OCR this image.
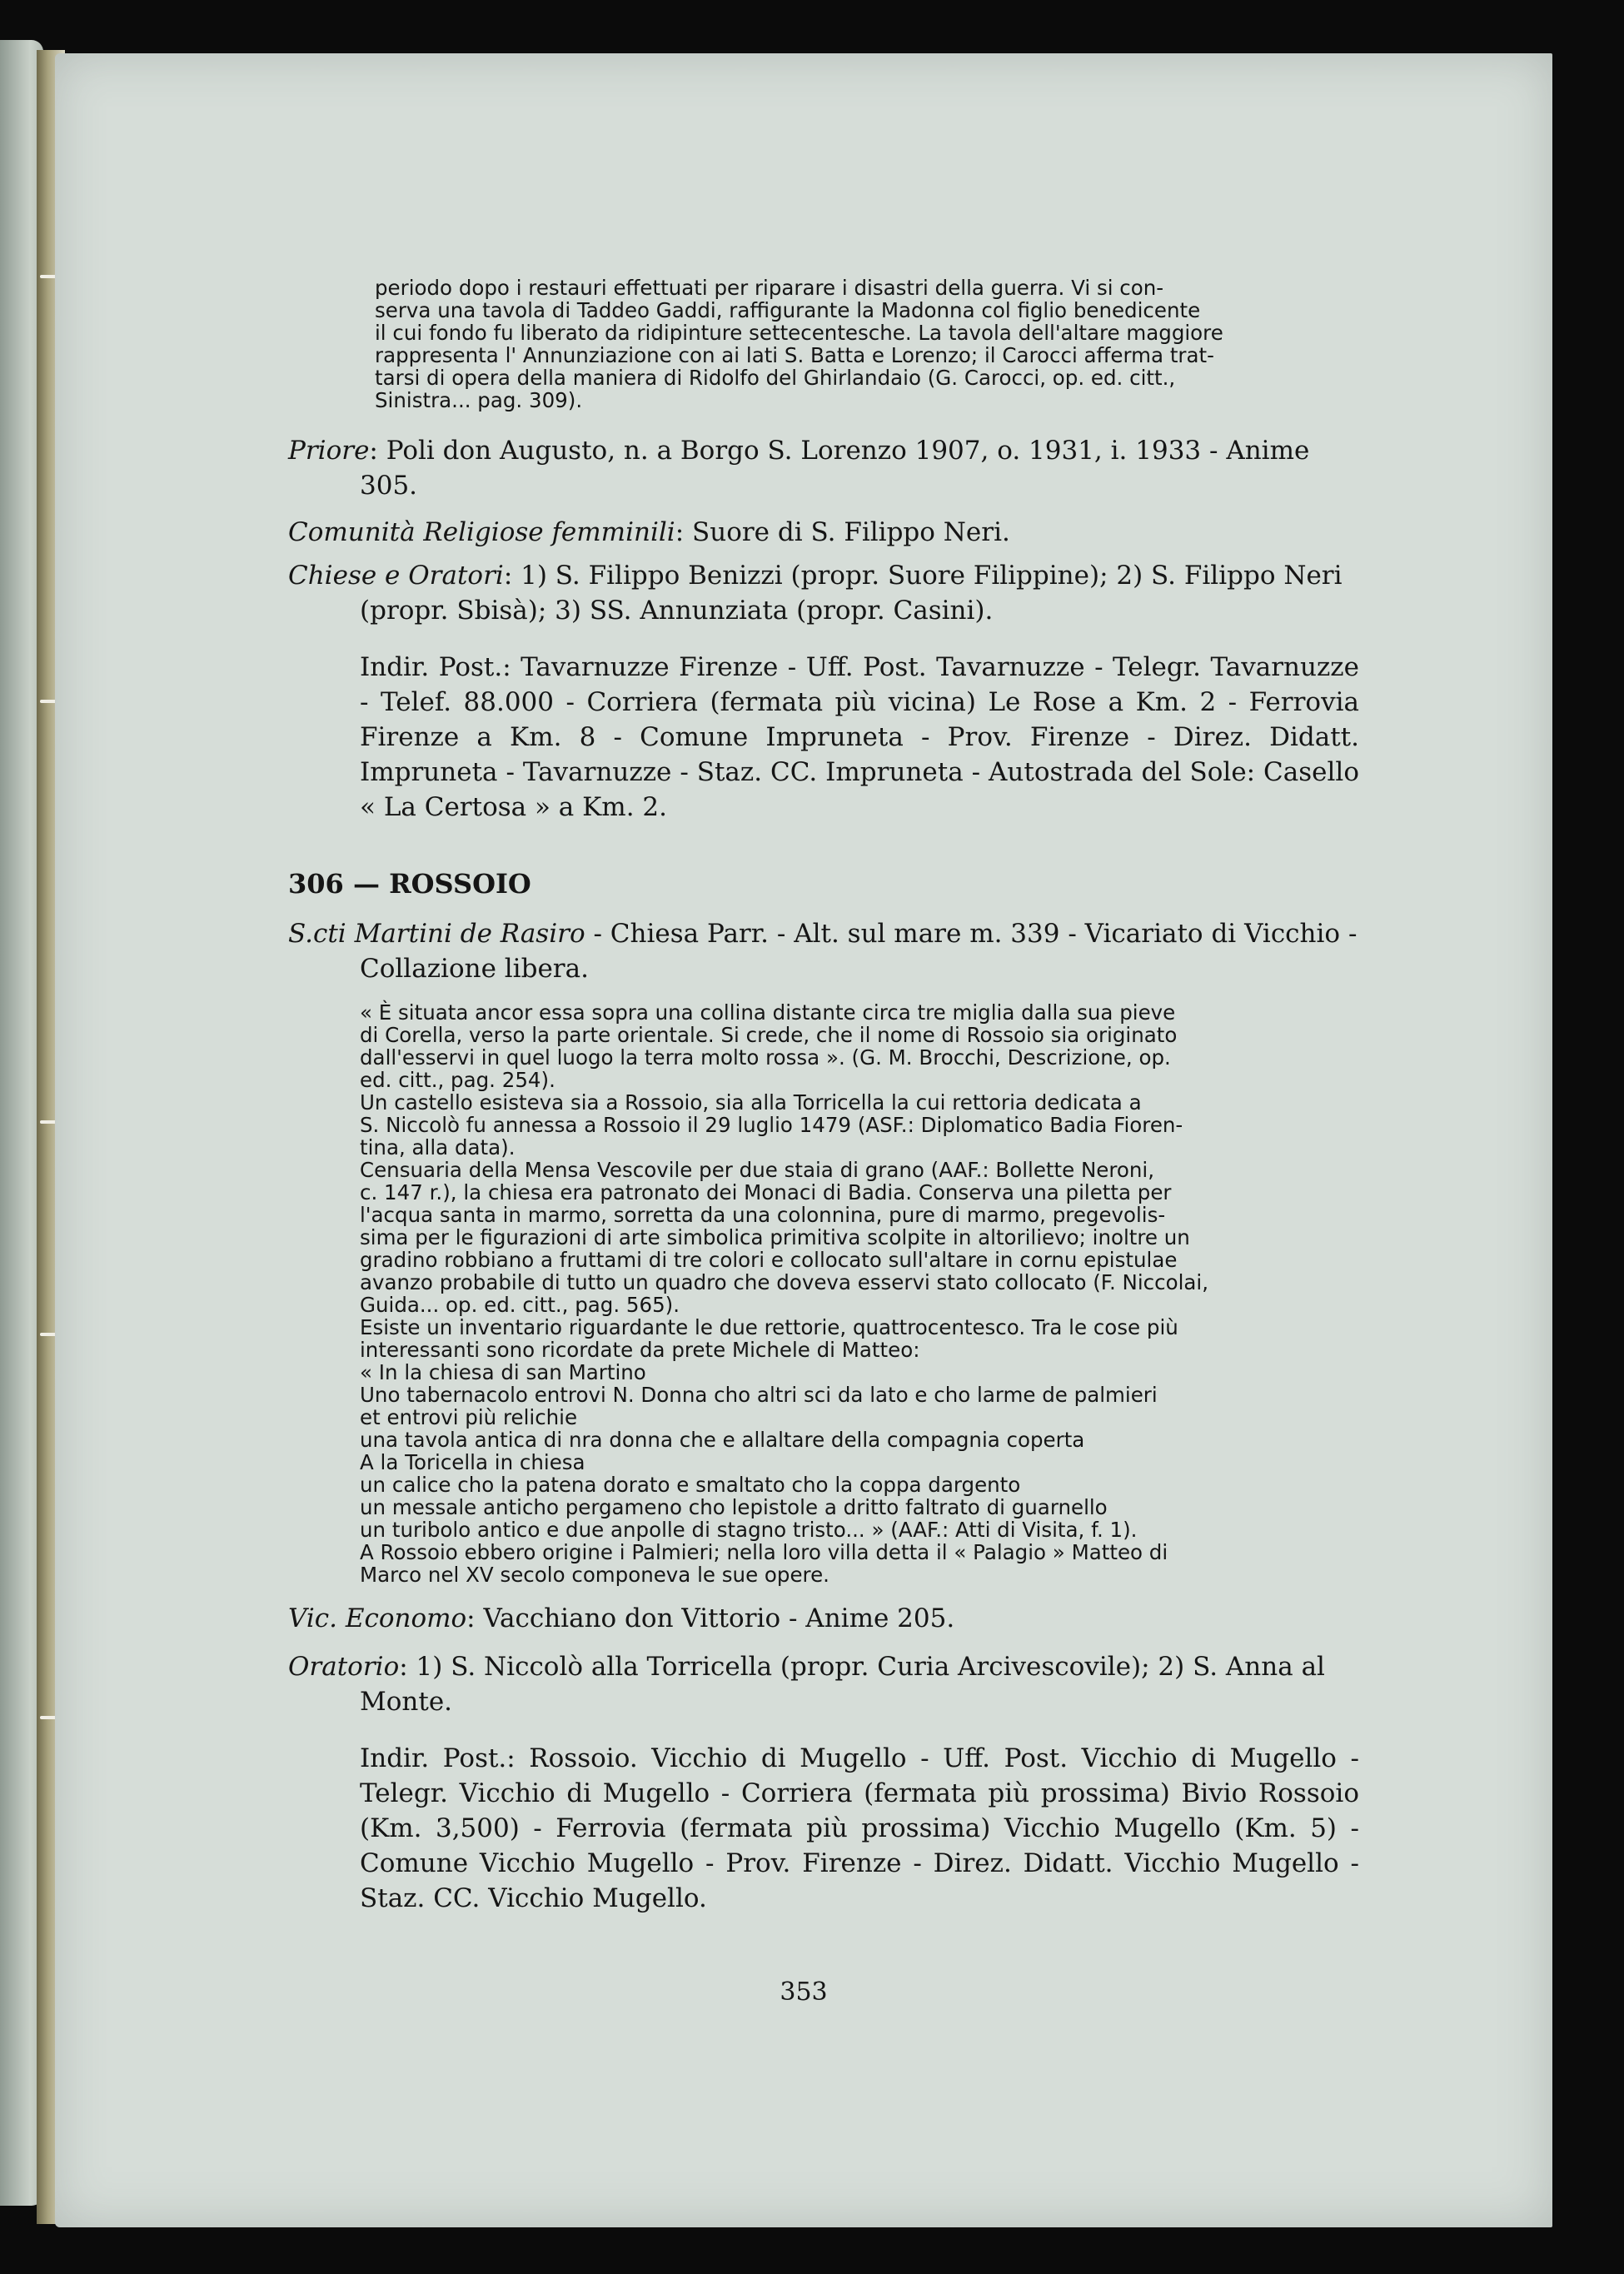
periodo dopo i restauri effettuati per riparare i disastri della guerra. Vi si con-
serva una tavola di Taddeo Gaddi, raffigurante la Madonna col figlio benedicente
il cui fondo fu liberato da ridipinture settecentesche. La tavola dell'altare maggiore
rappresenta l' Annunziazione con ai lati S. Batta e Lorenzo; il Carocci afferma trat-
tarsi di opera della maniera di Ridolfo del Ghirlandaio (G. Carocci, op. ed. citt.,
Sinistra... pag. 309).

Priore: Poli don Augusto, n. a Borgo S. Lorenzo 1907, o. 1931, i. 1933 - Anime 305.

Comunità Religiose femminili: Suore di S. Filippo Neri.

Chiese e Oratori: 1) S. Filippo Benizzi (propr. Suore Filippine); 2) S. Filippo Neri (propr. Sbisà); 3) SS. Annunziata (propr. Casini).

Indir. Post.: Tavarnuzze Firenze - Uff. Post. Tavarnuzze - Telegr. Tavarnuzze - Telef. 88.000 - Corriera (fermata più vicina) Le Rose a Km. 2 - Ferrovia Firenze a Km. 8 - Comune Impruneta - Prov. Firenze - Direz. Didatt. Impruneta - Tavarnuzze - Staz. CC. Impruneta - Autostrada del Sole: Casello « La Certosa » a Km. 2.

306 — ROSSOIO

S.cti Martini de Rasiro - Chiesa Parr. - Alt. sul mare m. 339 - Vicariato di Vicchio - Collazione libera.

« È situata ancor essa sopra una collina distante circa tre miglia dalla sua pieve
di Corella, verso la parte orientale. Si crede, che il nome di Rossoio sia originato
dall'esservi in quel luogo la terra molto rossa ». (G. M. Brocchi, Descrizione, op.
ed. citt., pag. 254).
Un castello esisteva sia a Rossoio, sia alla Torricella la cui rettoria dedicata a
S. Niccolò fu annessa a Rossoio il 29 luglio 1479 (ASF.: Diplomatico Badia Fioren-
tina, alla data).
Censuaria della Mensa Vescovile per due staia di grano (AAF.: Bollette Neroni,
c. 147 r.), la chiesa era patronato dei Monaci di Badia. Conserva una piletta per
l'acqua santa in marmo, sorretta da una colonnina, pure di marmo, pregevolis-
sima per le figurazioni di arte simbolica primitiva scolpite in altorilievo; inoltre un
gradino robbiano a fruttami di tre colori e collocato sull'altare in cornu epistulae
avanzo probabile di tutto un quadro che doveva esservi stato collocato (F. Niccolai,
Guida... op. ed. citt., pag. 565).
Esiste un inventario riguardante le due rettorie, quattrocentesco. Tra le cose più
interessanti sono ricordate da prete Michele di Matteo:
« In la chiesa di san Martino
Uno tabernacolo entrovi N. Donna cho altri sci da lato e cho larme de palmieri
et entrovi più relichie
una tavola antica di nra donna che e allaltare della compagnia coperta
A la Toricella in chiesa
un calice cho la patena dorato e smaltato cho la coppa dargento
un messale anticho pergameno cho lepistole a dritto faltrato di guarnello
un turibolo antico e due anpolle di stagno tristo... » (AAF.: Atti di Visita, f. 1).
A Rossoio ebbero origine i Palmieri; nella loro villa detta il « Palagio » Matteo di
Marco nel XV secolo componeva le sue opere.

Vic. Economo: Vacchiano don Vittorio - Anime 205.

Oratorio: 1) S. Niccolò alla Torricella (propr. Curia Arcivescovile); 2) S. Anna al Monte.

Indir. Post.: Rossoio. Vicchio di Mugello - Uff. Post. Vicchio di Mugello - Telegr. Vicchio di Mugello - Corriera (fermata più prossima) Bivio Rossoio (Km. 3,500) - Ferrovia (fermata più prossima) Vicchio Mugello (Km. 5) - Comune Vicchio Mugello - Prov. Firenze - Direz. Didatt. Vicchio Mugello - Staz. CC. Vicchio Mugello.

353
